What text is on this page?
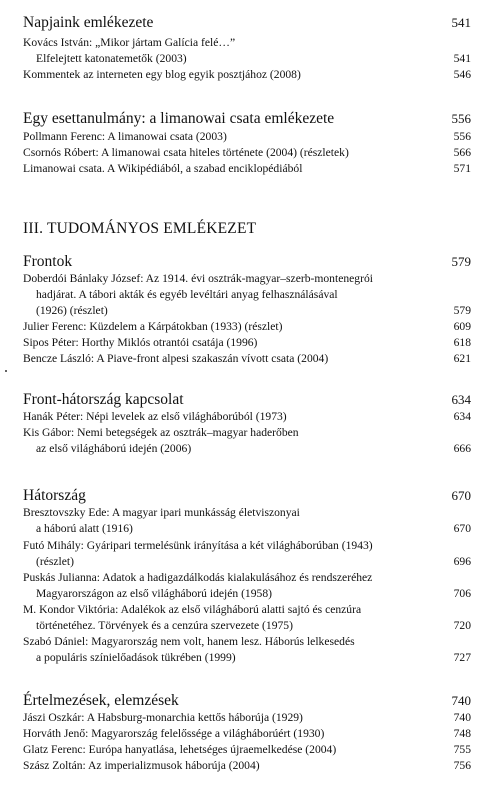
Napjaink emlékezete	541
Kovács István: „Mikor jártam Galícia felé…”
Elfelejtett katonatemetők (2003)	541
Kommentek az interneten egy blog egyik posztjához (2008)	546
Egy esettanulmány: a limanowai csata emlékezete	556
Pollmann Ferenc: A limanowai csata (2003)	556
Csornós Róbert: A limanowai csata hiteles története (2004) (részletek)	566
Limanowai csata. A Wikipédiából, a szabad enciklopédiából	571
III. TUDOMÁNYOS EMLÉKEZET
Frontok	579
Doberdói Bánlaky József: Az 1914. évi osztrák-magyar–szerb-montenegrói
hadjárat. A tábori akták és egyéb levéltári anyag felhasználásával
(1926) (részlet)	579
Julier Ferenc: Küzdelem a Kárpátokban (1933) (részlet)	609
Sipos Péter: Horthy Miklós otrantói csatája (1996)	618
Bencze László: A Piave-front alpesi szakaszán vívott csata (2004)	621
Front-hátország kapcsolat	634
Hanák Péter: Népi levelek az első világháborúból (1973)	634
Kis Gábor: Nemi betegségek az osztrák–magyar haderőben
az első világháború idején (2006)	666
Hátország	670
Bresztovszky Ede: A magyar ipari munkásság életviszonyai
a háború alatt (1916)	670
Futó Mihály: Gyáripari termelésünk irányítása a két világháborúban (1943)
(részlet)	696
Puskás Julianna: Adatok a hadigazdálkodás kialakulásához és rendszeréhez
Magyarországon az első világháború idején (1958)	706
M. Kondor Viktória: Adalékok az első világháború alatti sajtó és cenzúra
történetéhez. Törvények és a cenzúra szervezete (1975)	720
Szabó Dániel: Magyarország nem volt, hanem lesz. Háborús lelkesedés
a populáris színielőadások tükrében (1999)	727
Értelmezések, elemzések	740
Jászi Oszkár: A Habsburg-monarchia kettős háborúja (1929)	740
Horváth Jenő: Magyarország felelőssége a világháborúért (1930)	748
Glatz Ferenc: Európa hanyatlása, lehetséges újraemelkedése (2004)	755
Szász Zoltán: Az imperializmusok háborúja (2004)	756
